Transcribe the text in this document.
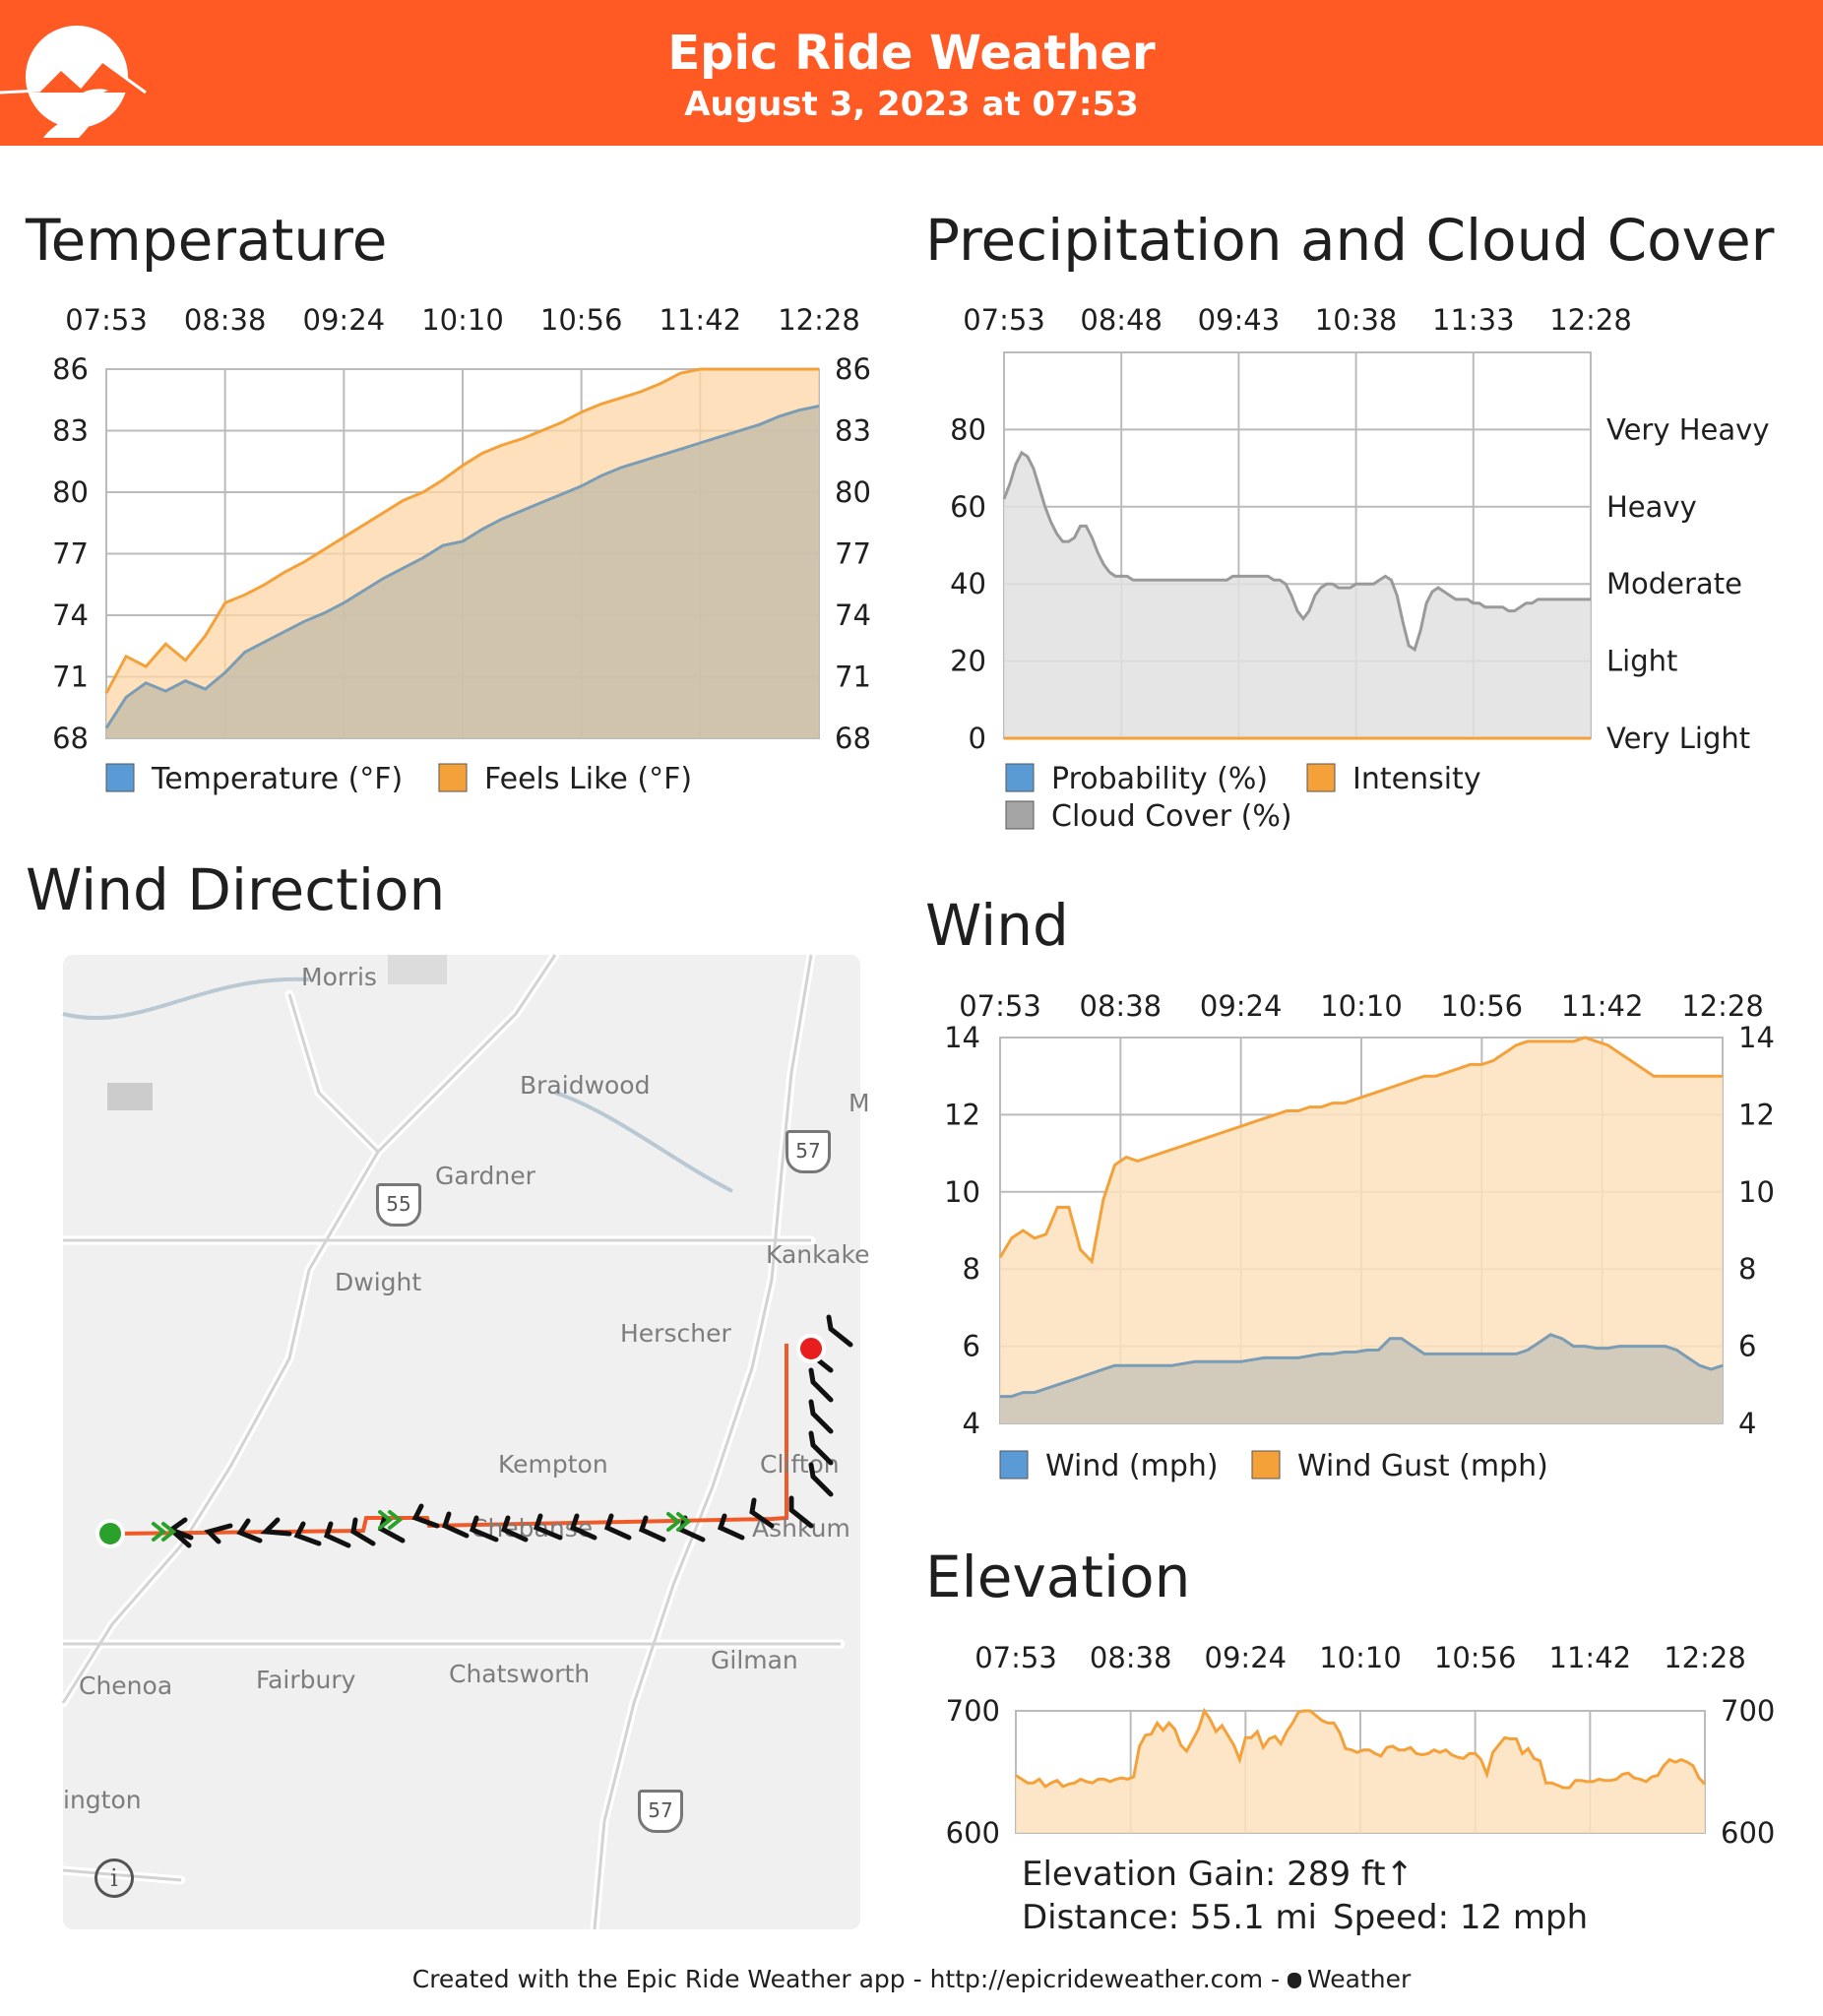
Epic Ride Weather
August 3, 2023 at 07:53
Temperature	Precipitation and Cloud Cover
Wind Direction
Wind
Elevation
68
71
74
77
80
83
86
68
71
74
77
80
83
86
07:53 08:38 09:24 10:10 10:56 11:42 12:28
0
20
40
60
80
Very Light
Light
Moderate
Heavy
Very Heavy
07:53 08:48 09:43 10:38 11:33 12:28
4
6
8
10
12
14
4
6
8
10
12
14
07:53 08:38 09:24 10:10 10:56 11:42 12:28
600
700
600
700
07:53 08:38 09:24 10:10 10:56 11:42 12:28
Temperature (°F)	Feels Like (°F)	Probability (%)	Intensity
Cloud Cover (%)
Wind (mph)	Wind Gust (mph)
Elevation Gain: 289 ft↑
Distance: 55.1 mi Speed: 12 mph
Morris
Braidwood
Gardner
Dwight
Kankake
Herscher
Kempton	Clifton
Chebanse	Ashkum
Chenoa	Fairbury	Chatsworth	Gilman
ington
M
55
57
57
i
Created with the Epic Ride Weather app - http://epicrideweather.com - Weather
